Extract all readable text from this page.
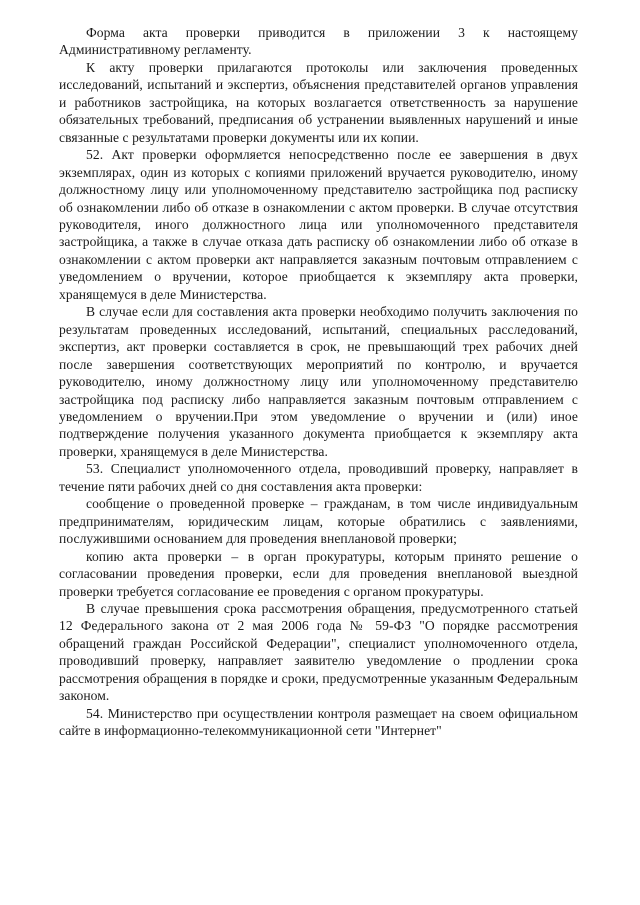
Форма акта проверки приводится в приложении 3 к настоящему Административному регламенту.

К акту проверки прилагаются протоколы или заключения проведенных исследований, испытаний и экспертиз, объяснения представителей органов управления и работников застройщика, на которых возлагается ответственность за нарушение обязательных требований, предписания об устранении выявленных нарушений и иные связанные с результатами проверки документы или их копии.

52. Акт проверки оформляется непосредственно после ее завершения в двух экземплярах, один из которых с копиями приложений вручается руководителю, иному должностному лицу или уполномоченному представителю застройщика под расписку об ознакомлении либо об отказе в ознакомлении с актом проверки. В случае отсутствия руководителя, иного должностного лица или уполномоченного представителя застройщика, а также в случае отказа дать расписку об ознакомлении либо об отказе в ознакомлении с актом проверки акт направляется заказным почтовым отправлением с уведомлением о вручении, которое приобщается к экземпляру акта проверки, хранящемуся в деле Министерства.

В случае если для составления акта проверки необходимо получить заключения по результатам проведенных исследований, испытаний, специальных расследований, экспертиз, акт проверки составляется в срок, не превышающий трех рабочих дней после завершения соответствующих мероприятий по контролю, и вручается руководителю, иному должностному лицу или уполномоченному представителю застройщика под расписку либо направляется заказным почтовым отправлением с уведомлением о вручении.При этом уведомление о вручении и (или) иное подтверждение получения указанного документа приобщается к экземпляру акта проверки, хранящемуся в деле Министерства.

53. Специалист уполномоченного отдела, проводивший проверку, направляет в течение пяти рабочих дней со дня составления акта проверки:

сообщение о проведенной проверке – гражданам, в том числе индивидуальным предпринимателям, юридическим лицам, которые обратились с заявлениями, послужившими основанием для проведения внеплановой проверки;

копию акта проверки – в орган прокуратуры, которым принято решение о согласовании проведения проверки, если для проведения внеплановой выездной проверки требуется согласование ее проведения с органом прокуратуры.

В случае превышения срока рассмотрения обращения, предусмотренного статьей 12 Федерального закона от 2 мая 2006 года № 59-ФЗ "О порядке рассмотрения обращений граждан Российской Федерации", специалист уполномоченного отдела, проводивший проверку, направляет заявителю уведомление о продлении срока рассмотрения обращения в порядке и сроки, предусмотренные указанным Федеральным законом.

54. Министерство при осуществлении контроля размещает на своем официальном сайте в информационно-телекоммуникационной сети "Интернет"
